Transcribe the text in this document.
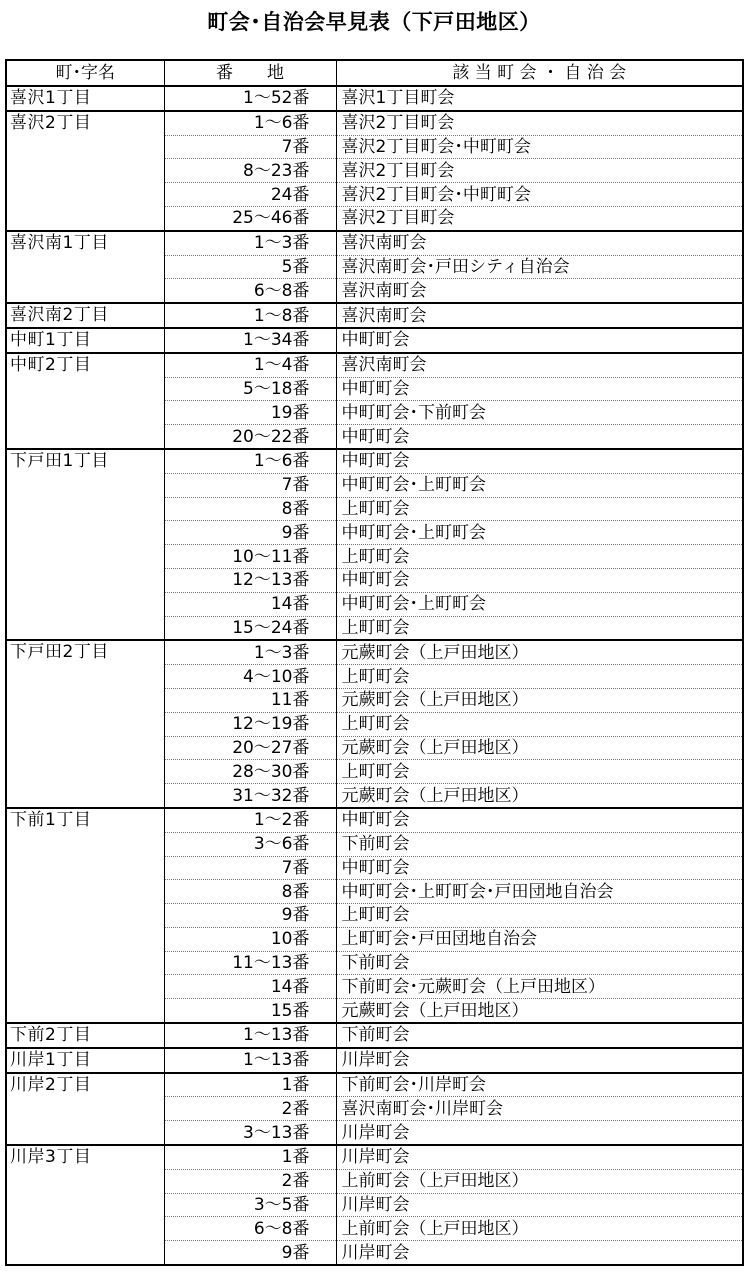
町会･自治会早見表（下戸田地区）
町･字名	番　　地	該 当 町 会 ・ 自 治 会
喜沢1丁目	1～52番	喜沢1丁目町会
喜沢2丁目	1～6番	喜沢2丁目町会
	7番	喜沢2丁目町会･中町町会
	8～23番	喜沢2丁目町会
	24番	喜沢2丁目町会･中町町会
	25～46番	喜沢2丁目町会
喜沢南1丁目	1～3番	喜沢南町会
	5番	喜沢南町会･戸田シティ自治会
	6～8番	喜沢南町会
喜沢南2丁目	1～8番	喜沢南町会
中町1丁目	1～34番	中町町会
中町2丁目	1～4番	喜沢南町会
	5～18番	中町町会
	19番	中町町会･下前町会
	20～22番	中町町会
下戸田1丁目	1～6番	中町町会
	7番	中町町会･上町町会
	8番	上町町会
	9番	中町町会･上町町会
	10～11番	上町町会
	12～13番	中町町会
	14番	中町町会･上町町会
	15～24番	上町町会
下戸田2丁目	1～3番	元蕨町会（上戸田地区）
	4～10番	上町町会
	11番	元蕨町会（上戸田地区）
	12～19番	上町町会
	20～27番	元蕨町会（上戸田地区）
	28～30番	上町町会
	31～32番	元蕨町会（上戸田地区）
下前1丁目	1～2番	中町町会
	3～6番	下前町会
	7番	中町町会
	8番	中町町会･上町町会･戸田団地自治会
	9番	上町町会
	10番	上町町会･戸田団地自治会
	11～13番	下前町会
	14番	下前町会･元蕨町会（上戸田地区）
	15番	元蕨町会（上戸田地区）
下前2丁目	1～13番	下前町会
川岸1丁目	1～13番	川岸町会
川岸2丁目	1番	下前町会･川岸町会
	2番	喜沢南町会･川岸町会
	3～13番	川岸町会
川岸3丁目	1番	川岸町会
	2番	上前町会（上戸田地区）
	3～5番	川岸町会
	6～8番	上前町会（上戸田地区）
	9番	川岸町会
